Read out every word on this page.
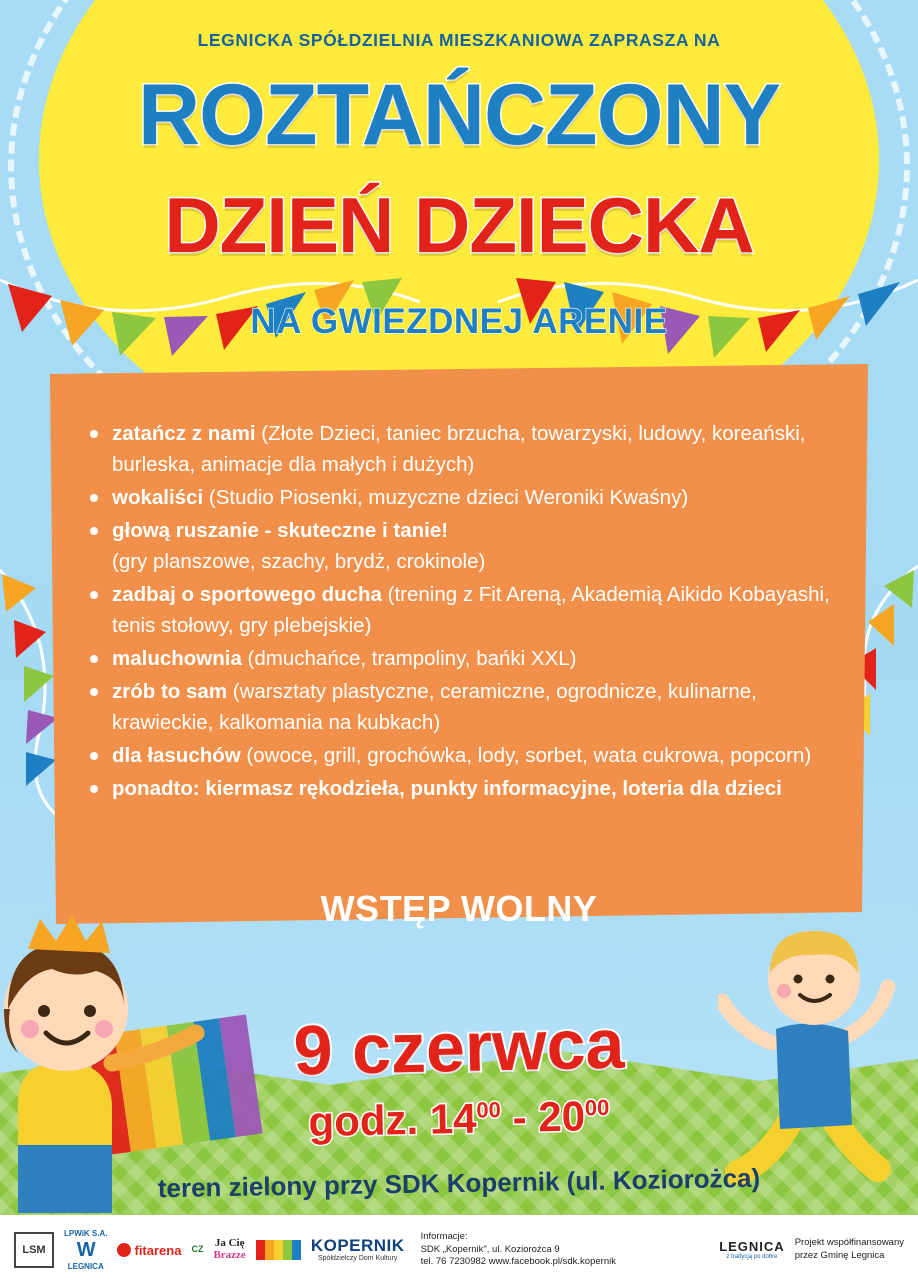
LEGNICKA SPÓŁDZIELNIA MIESZKANIOWA ZAPRASZA NA
ROZTAŃCZONY
DZIEŃ DZIECKA
NA GWIEZDNEJ ARENIE
zatańcz z nami (Złote Dzieci, taniec brzucha, towarzyski, ludowy, koreański, burleska, animacje dla małych i dużych)
wokaliści (Studio Piosenki, muzyczne dzieci Weroniki Kwaśny)
głową ruszanie - skuteczne i tanie!
(gry planszowe, szachy, brydż, crokinole)
zadbaj o sportowego ducha (trening z Fit Areną, Akademią Aikido Kobayashi, tenis stołowy, gry plebejskie)
maluchownia (dmuchańce, trampoliny, bańki XXL)
zrób to sam (warsztaty plastyczne, ceramiczne, ogrodnicze, kulinarne, krawieckie, kalkomania na kubkach)
dla łasuchów (owoce, grill, grochówka, lody, sorbet, wata cukrowa, popcorn)
ponadto: kiermasz rękodzieła, punkty informacyjne, loteria dla dzieci
WSTĘP WOLNY
9 czerwca
godz. $14^{00} - 20^{00}$
teren zielony przy SDK Kopernik (ul. Koziorożca)
LSM
LPWiK S.A.
W
LEGNICA
fitarena CZ Ja Cię
Brazze	KOPERNIK
Spółdzielczy Dom Kultury
Informacje:
SDK „Kopernik", ul. Koziorożca 9
tel. 76 7230982 www.facebook.pl/sdk.kopernik
LEGNICA
z tradycją po dobre
Projekt współfinansowany
przez Gminę Legnica
